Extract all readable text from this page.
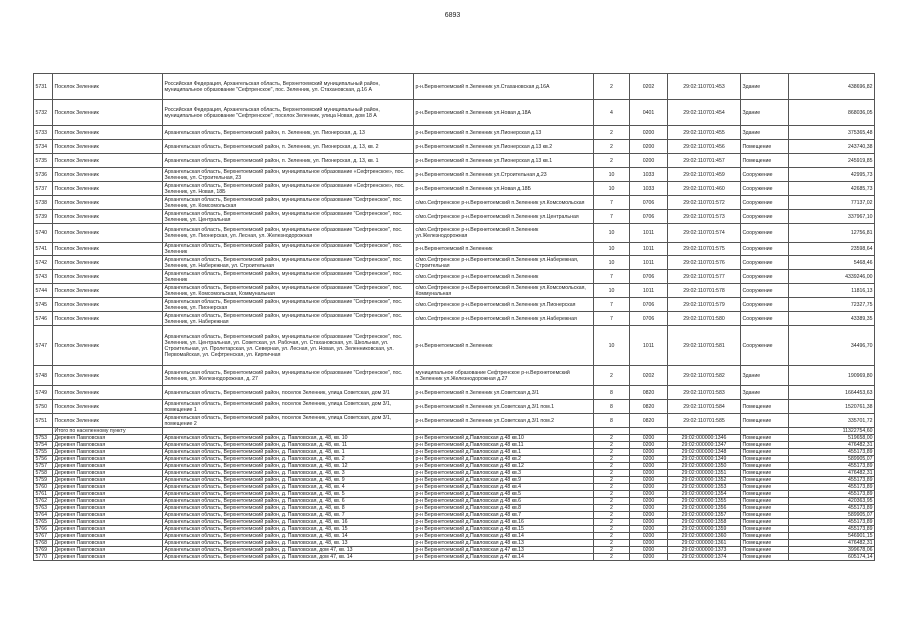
6893
5731	Поселок Зеленник	Российская Федерация, Архангельская область, Верхнетоемский муниципальный район, муниципальное образование "Сефтренское", пос. Зеленник, ул. Стахановская, д.16 А	р-н.Верхнетоемский п.Зеленник ул.Стахановская д.16А	2	0202	29:02:110701:453	Здание	438696,82
5732	Поселок Зеленник	Российская Федерация, Архангельская область, Верхнетоемский муниципальный район, муниципальное образование "Сефтренское", поселок Зеленник, улица Новая, дом 18 А	р-н.Верхнетоемский п.Зеленник ул.Новая д.18А	4	0401	29:02:110701:454	Здание	868036,05
5733	Поселок Зеленник	Архангельская область, Верхнетоемский район, п. Зеленник, ул. Пионерская, д. 13	р-н.Верхнетоемский п.Зеленник ул.Пионерская д.13	2	0200	29:02:110701:455	Здание	375365,48
5734	Поселок Зеленник	Архангельская область, Верхнетоемский район, п. Зеленник, ул. Пионерская, д. 13, кв. 2	р-н.Верхнетоемский п.Зеленник ул.Пионерская д.13 кв.2	2	0200	29:02:110701:456	Помещение	243740,38
5735	Поселок Зеленник	Архангельская область, Верхнетоемский район, п. Зеленник, ул. Пионерская, д. 13, кв. 1	р-н.Верхнетоемский п.Зеленник ул.Пионерская д.13 кв.1	2	0200	29:02:110701:457	Помещение	245919,85
5736	Поселок Зеленник	Архангельская область, Верхнетоемский район, муниципальное образование «Сефтренское», пос. Зеленник, ул. Строительная, 23	р-н.Верхнетоемский п.Зеленник ул.Строительная д.23	10	1033	29:02:110701:459	Сооружение	42995,73
5737	Поселок Зеленник	Архангельская область, Верхнетоемский район, муниципальное образование «Сефтренское», пос. Зеленник, ул. Новая, 18Б	р-н.Верхнетоемский п.Зеленник ул.Новая д.18Б	10	1033	29:02:110701:460	Сооружение	42685,73
5738	Поселок Зеленник	Архангельская область, Верхнетоемский район, муниципальное образование "Сефтренское", пос. Зеленник, ул. Комсомольская	с/мо.Сефтренское р-н.Верхнетоемский п.Зеленник ул.Комсомольская	7	0706	29:02:110701:572	Сооружение	77137,02
5739	Поселок Зеленник	Архангельская область, Верхнетоемский район, муниципальное образование "Сефтренское", пос. Зеленник, ул. Центральная	с/мо.Сефтренское р-н.Верхнетоемский п.Зеленник ул.Центральная	7	0706	29:02:110701:573	Сооружение	337967,10
5740	Поселок Зеленник	Архангельская область, Верхнетоемский район, муниципальное образование "Сефтренское", пос. Зеленник, ул. Пионерская, ул. Лесная, ул. Железнодорожная	с/мо.Сефтренское р-н.Верхнетоемский п.Зеленник ул.Железнодорожная	10	1011	29:02:110701:574	Сооружение	12756,81
5741	Поселок Зеленник	Архангельская область, Верхнетоемский район, муниципальное образование "Сефтренское", пос. Зеленник	р-н.Верхнетоемский п.Зеленник	10	1011	29:02:110701:575	Сооружение	23598,64
5742	Поселок Зеленник	Архангельская область, Верхнетоемский район, муниципальное образование "Сефтренское", пос. Зеленник, ул. Набережная, ул. Строительная	с/мо.Сефтренское р-н.Верхнетоемский п.Зеленник ул.Набережная, Строительная	10	1011	29:02:110701:576	Сооружение	5468,46
5743	Поселок Зеленник	Архангельская область, Верхнетоемский район, муниципальное образование "Сефтренское", пос. Зеленник	с/мо.Сефтренское р-н.Верхнетоемский п.Зеленник	7	0706	29:02:110701:577	Сооружение	4339246,00
5744	Поселок Зеленник	Архангельская область, Верхнетоемский район, муниципальное образование "Сефтренское", пос. Зеленник, ул. Комсомольская, Коммунальная	с/мо.Сефтренское р-н.Верхнетоемский п.Зеленник ул.Комсомольская, Коммунальная	10	1011	29:02:110701:578	Сооружение	11816,13
5745	Поселок Зеленник	Архангельская область, Верхнетоемский район, муниципальное образование "Сефтренское", пос. Зеленник, ул. Пионерская	с/мо.Сефтренское р-н.Верхнетоемский п.Зеленник ул.Пионерская	7	0706	29:02:110701:579	Сооружение	72327,75
5746	Поселок Зеленник	Архангельская область, Верхнетоемский район, муниципальное образование "Сефтренское", пос. Зеленник, ул. Набережная	с/мо.Сефтренское р-н.Верхнетоемский п.Зеленник ул.Набережная	7	0706	29:02:110701:580	Сооружение	43389,35
5747	Поселок Зеленник	Архангельская область, Верхнетоемский район, муниципальное образование "Сефтренское", пос. Зеленник, ул. Центральная, ул. Советская, ул. Рабочая, ул. Стахановская, ул. Школьная, ул. Строительная, ул. Пролетарская, ул. Северная, ул. Лесная, ул. Новая, ул. Зеленниковская, ул. Первомайская, ул. Сефтренская, ул. Кирпичная	р-н.Верхнетоемский п.Зеленник	10	1011	29:02:110701:581	Сооружение	34496,70
5748	Поселок Зеленник	Архангельская область, Верхнетоемский район, муниципальное образование "Сефтренское", пос. Зеленник, ул. Железнодорожная, д. 27	муниципальное образование Сефтренское р-н.Верхнетоемский п.Зеленник ул.Железнодорожная д.27	2	0202	29:02:110701:582	Здание	190969,80
5749	Поселок Зеленник	Архангельская область, Верхнетоемский район, поселок Зеленник, улица Советская, дом 3/1	р-н.Верхнетоемский п.Зеленник ул.Советская д.3/1	8	0820	29:02:110701:583	Здание	1664453,63
5750	Поселок Зеленник	Архангельская область, Верхнетоемский район, поселок Зеленник, улица Советская, дом 3/1, помещение 1	р-н.Верхнетоемский п.Зеленник ул.Советская д.3/1 пом.1	8	0820	29:02:110701:584	Помещение	1520761,38
5751	Поселок Зеленник	Архангельская область, Верхнетоемский район, поселок Зеленник, улица Советская, дом 3/1, помещение 2	р-н.Верхнетоемский п.Зеленник ул.Советская д.3/1 пом.2	8	0820	29:02:110701:585	Помещение	335701,72
	Итого по населенному пункту							11322754,60
5753	Деревня Павловская	Архангельская область, Верхнетоемский район, д. Павловская, д. 48, кв. 10	р-н Верхнетоемский д.Павловская д.48 кв.10	2	0200	29:02:000000:1346	Помещение	519658,00
5754	Деревня Павловская	Архангельская область, Верхнетоемский район, д. Павловская, д. 48, кв. 11	р-н Верхнетоемский д.Павловская д.48 кв.11	2	0200	29:02:000000:1347	Помещение	476482,31
5755	Деревня Павловская	Архангельская область, Верхнетоемский район, д. Павловская, д. 48, кв. 1	р-н Верхнетоемский д.Павловская д.48 кв.1	2	0200	29:02:000000:1348	Помещение	455173,89
5756	Деревня Павловская	Архангельская область, Верхнетоемский район, д. Павловская, д. 48, кв. 2	р-н Верхнетоемский д.Павловская д.48 кв.2	2	0200	29:02:000000:1349	Помещение	589905,07
5757	Деревня Павловская	Архангельская область, Верхнетоемский район, д. Павловская, д. 48, кв. 12	р-н Верхнетоемский д.Павловская д.48 кв.12	2	0200	29:02:000000:1350	Помещение	455173,89
5758	Деревня Павловская	Архангельская область, Верхнетоемский район, д. Павловская, д. 48, кв. 3	р-н Верхнетоемский д.Павловская д.48 кв.3	2	0200	29:02:000000:1351	Помещение	476482,31
5759	Деревня Павловская	Архангельская область, Верхнетоемский район, д. Павловская, д. 48, кв. 9	р-н Верхнетоемский д.Павловская д.48 кв.9	2	0200	29:02:000000:1352	Помещение	455173,89
5760	Деревня Павловская	Архангельская область, Верхнетоемский район, д. Павловская, д. 48, кв. 4	р-н Верхнетоемский д.Павловская д.48 кв.4	2	0200	29:02:000000:1353	Помещение	455173,89
5761	Деревня Павловская	Архангельская область, Верхнетоемский район, д. Павловская, д. 48, кв. 5	р-н Верхнетоемский д.Павловская д.48 кв.5	2	0200	29:02:000000:1354	Помещение	455173,89
5762	Деревня Павловская	Архангельская область, Верхнетоемский район, д. Павловская, д. 48, кв. 6	р-н Верхнетоемский д.Павловская д.48 кв.6	2	0200	29:02:000000:1355	Помещение	420363,95
5763	Деревня Павловская	Архангельская область, Верхнетоемский район, д. Павловская, д. 48, кв. 8	р-н Верхнетоемский д.Павловская д.48 кв.8	2	0200	29:02:000000:1356	Помещение	455173,89
5764	Деревня Павловская	Архангельская область, Верхнетоемский район, д. Павловская, д. 48, кв. 7	р-н Верхнетоемский д.Павловская д.48 кв.7	2	0200	29:02:000000:1357	Помещение	589905,07
5765	Деревня Павловская	Архангельская область, Верхнетоемский район, д. Павловская, д. 48, кв. 16	р-н Верхнетоемский д.Павловская д.48 кв.16	2	0200	29:02:000000:1358	Помещение	455173,89
5766	Деревня Павловская	Архангельская область, Верхнетоемский район, д. Павловская, д. 48, кв. 15	р-н Верхнетоемский д.Павловская д.48 кв.15	2	0200	29:02:000000:1359	Помещение	455173,89
5767	Деревня Павловская	Архангельская область, Верхнетоемский район, д. Павловская, д. 48, кв. 14	р-н Верхнетоемский д.Павловская д.48 кв.14	2	0200	29:02:000000:1360	Помещение	546901,15
5768	Деревня Павловская	Архангельская область, Верхнетоемский район, д. Павловская, д. 48, кв. 13	р-н Верхнетоемский д.Павловская д.48 кв.13	2	0200	29:02:000000:1361	Помещение	476482,31
5769	Деревня Павловская	Архангельская область, Верхнетоемский район, д. Павловская, дом 47, кв. 13	р-н Верхнетоемский д.Павловская д.47 кв.13	2	0200	29:02:000000:1373	Помещение	399678,06
5770	Деревня Павловская	Архангельская область, Верхнетоемский район, д. Павловская, дом 47, кв. 14	р-н Верхнетоемский д.Павловская д.47 кв.14	2	0200	29:02:000000:1374	Помещение	605174,14
